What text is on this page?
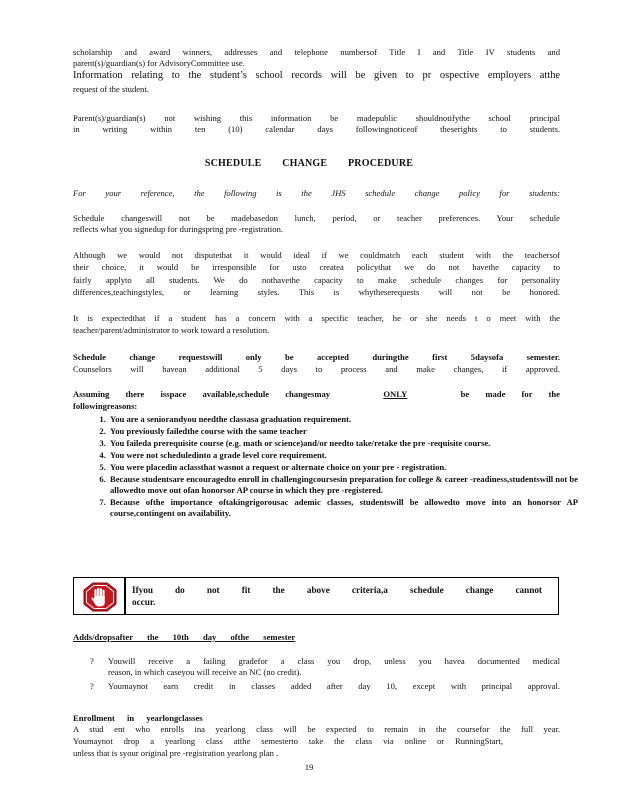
scholarship and award winners, addresses and telephone numbersof Title I and Title IV students and
parent(s)/guardian(s) for AdvisoryCommittee use.
Information relating to the student’s school records will be given to pr ospective employers atthe
request of the student.
Parent(s)/guardian(s) not wishing this information be madepublic shouldnotifythe school principal
in writing within ten (10) calendar days followingnoticeof theserights to students.
SCHEDULE CHANGE PROCEDURE
For your reference, the following is the JHS schedule change policy for students:
Schedule changeswill not be madebasedon lunch, period, or teacher preferences. Your schedule
reflects what you signedup for duringspring pre -registration.
Although we would not disputethat it would ideal if we couldmatch each student with the teachersof
their choice, it would be irresponsible for usto createa policythat we do not havethe capacity to
fairly applyto all students. We do nothavethe capacity to make schedule changes for personality
differences,teachingstyles, or learning styles. This is whytheserequests will not be honored.
It is expectedthat if a student has a concern with a specific teacher, he or she needs t o meet with the
teacher/parent/administrator to work toward a resolution.
Schedule change requestswill only be accepted duringthe first 5daysofa semester.
Counselors will havean additional 5 days to process and make changes, if approved.
Assuming there isspace available,schedule changesmay	ONLY	be made for the
followingreasons:
1. You are a seniorandyou needthe classasa graduation requirement.
2. You previously failedthe course with the same teacher
3. You faileda prerequisite course (e.g. math or science)and/or needto take/retake the pre -requisite course.
4. You were not scheduledinto a grade level core requirement.
5. You were placedin aclassthat wasnot a request or alternate choice on your pre - registration.
6. Because studentsare encouragedto enroll in challengingcoursesin preparation for college & career -readiness,studentswill not be allowedto move out ofan honorsor AP course in which they pre -registered.
7. Because ofthe importance oftakingrigorousac ademic classes, studentswill be allowedto move into an honorsor AP course,contingent on availability.
Ifyou do not fit the above criteria,a schedule change cannot
occur.
Adds/dropsafter the 10th day ofthe semester
? Youwill receive a failing gradefor a class you drop, unless you havea documented medical
reason, in which caseyou will receive an NC (no credit).
? Youmaynot earn credit in classes added after day 10, except with principal approval.
Enrollment in yearlongclasses
A stud ent who enrolls ina yearlong class will be expected to remain in the coursefor the full year.
Youmaynot drop a yearlong class atthe semesterto take the class via online or RunningStart,
unless that is syour original pre -registration yearlong plan .
19
